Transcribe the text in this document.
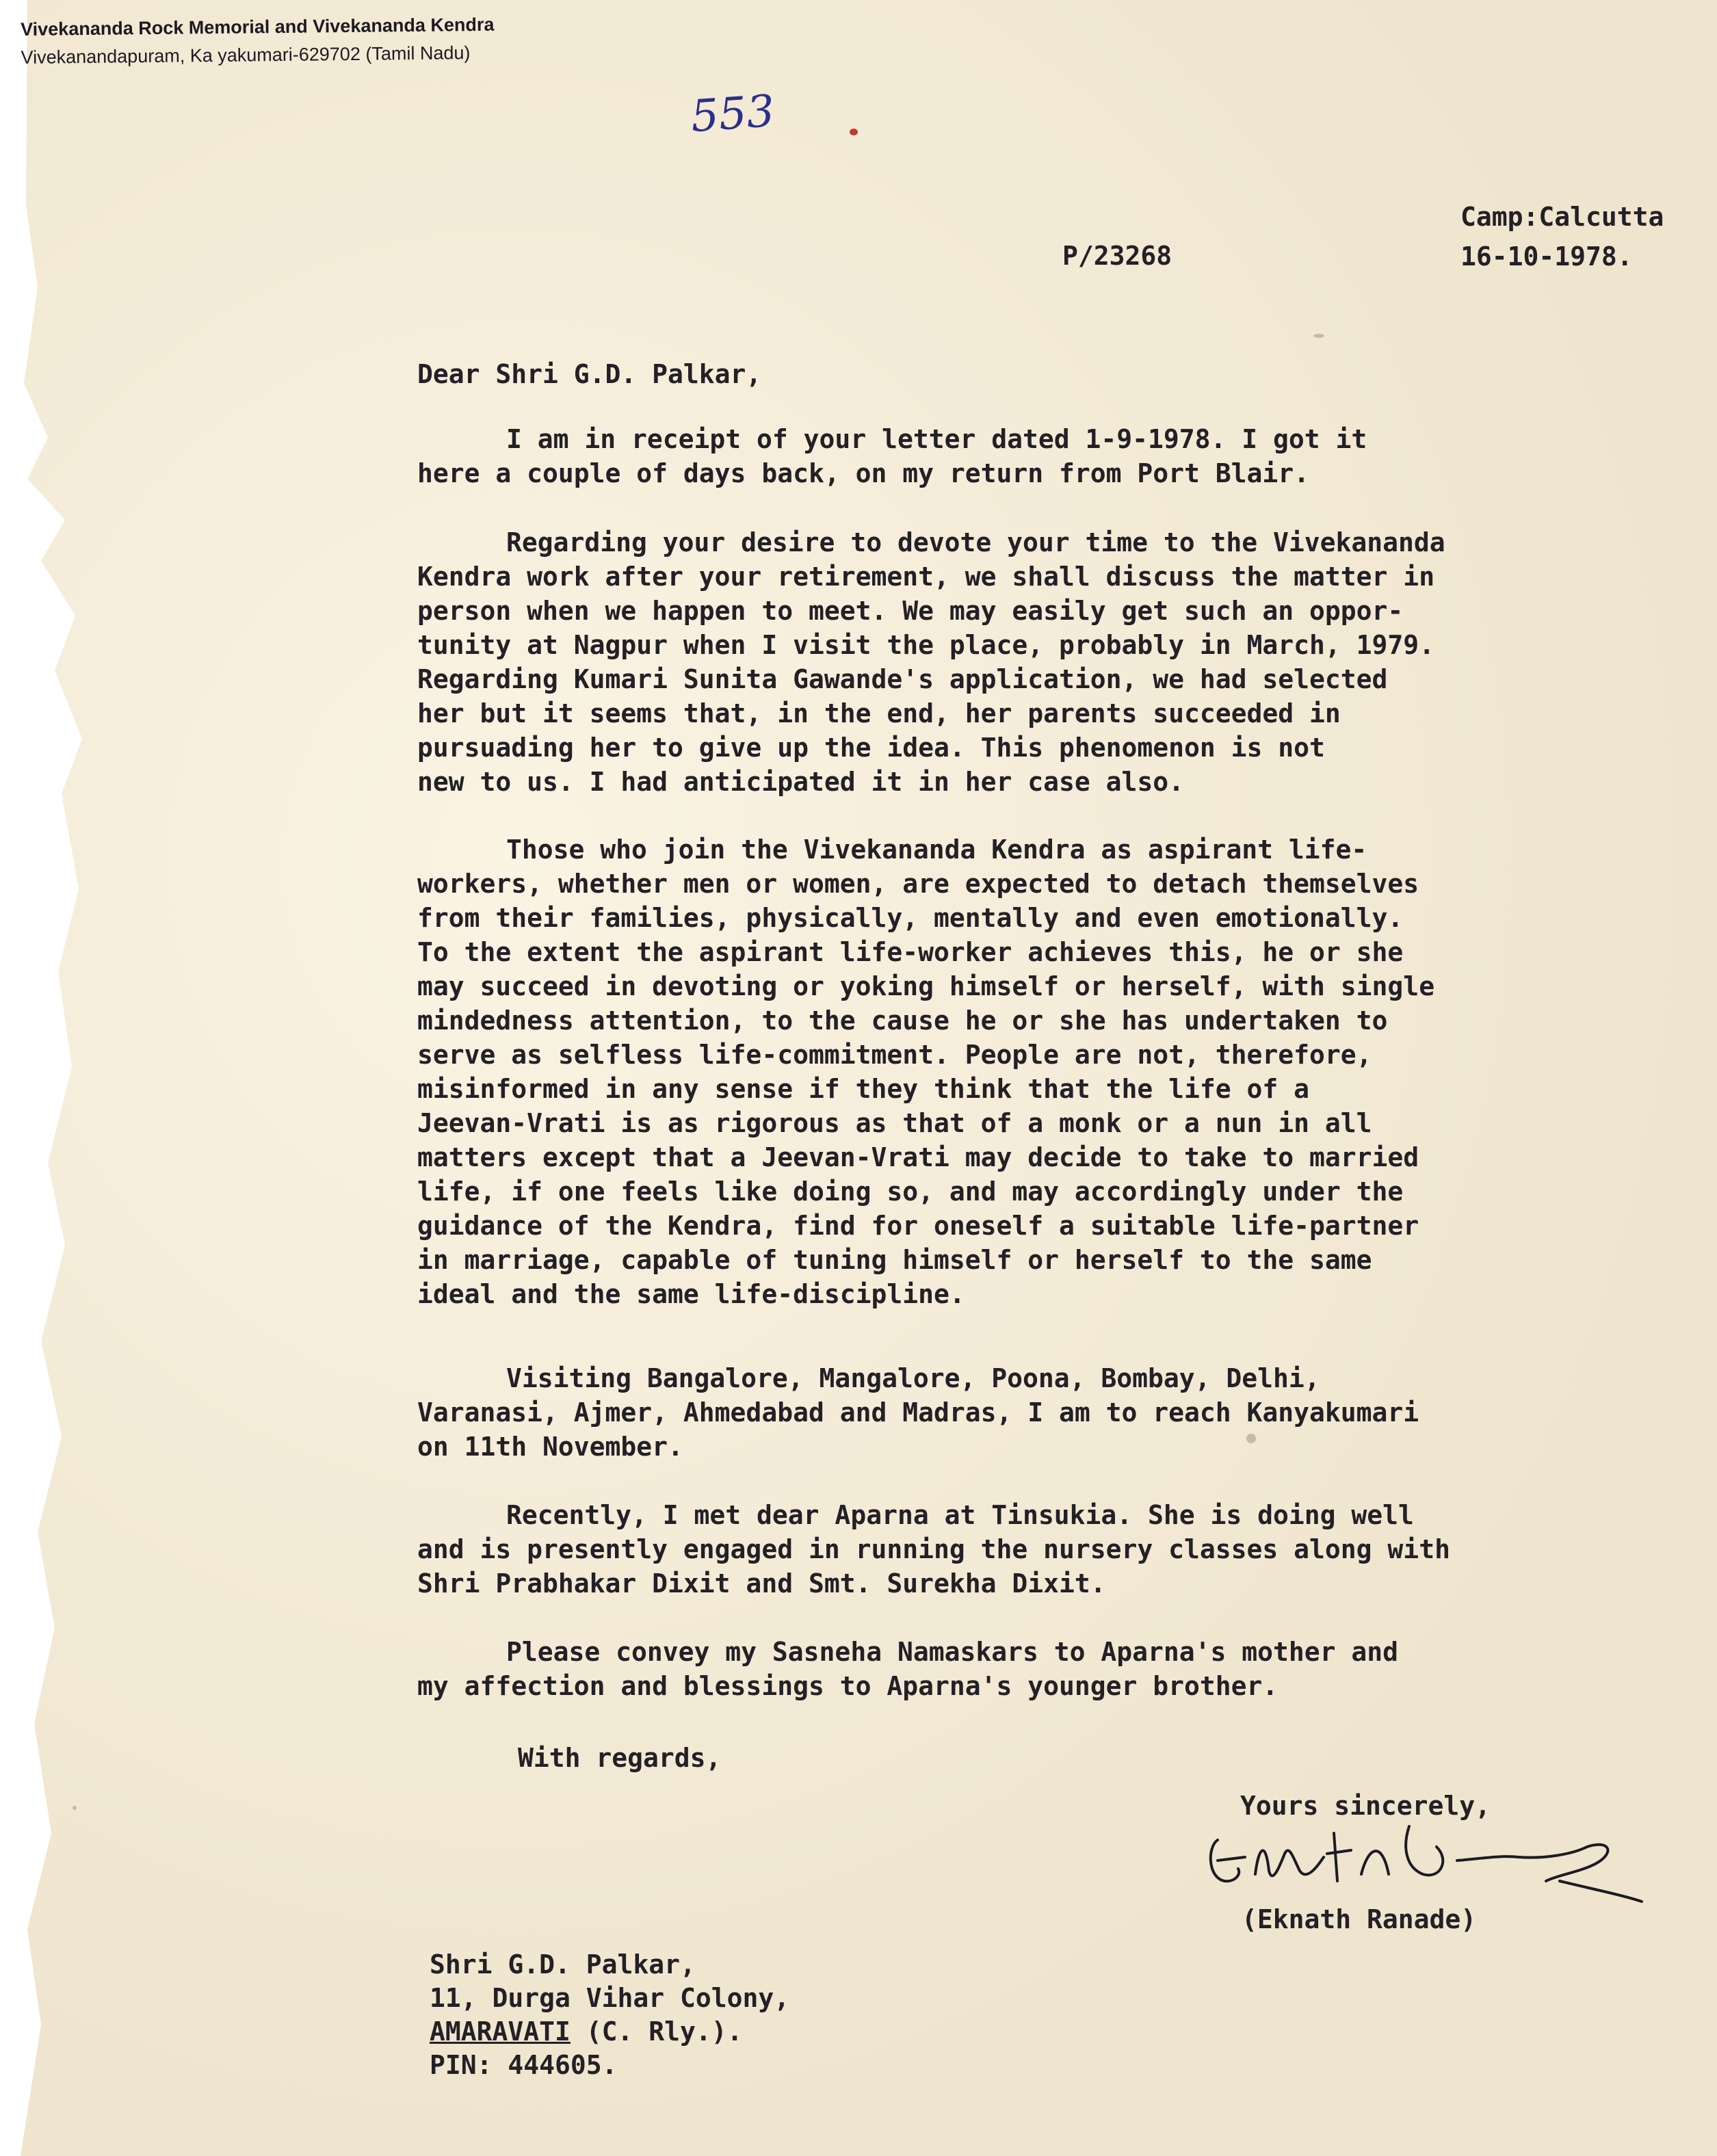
Vivekananda Rock Memorial and Vivekananda Kendra
Vivekanandapuram, Ka yakumari-629702 (Tamil Nadu)
553
P/23268
Camp:Calcutta
16-10-1978.
Dear Shri G.D. Palkar,

I am in receipt of your letter dated 1-9-1978. I got it
here a couple of days back, on my return from Port Blair.

Regarding your desire to devote your time to the Vivekananda
Kendra work after your retirement, we shall discuss the matter in
person when we happen to meet. We may easily get such an oppor-
tunity at Nagpur when I visit the place, probably in March, 1979.
Regarding Kumari Sunita Gawande's application, we had selected
her but it seems that, in the end, her parents succeeded in
pursuading her to give up the idea. This phenomenon is not
new to us. I had anticipated it in her case also.

Those who join the Vivekananda Kendra as aspirant life-
workers, whether men or women, are expected to detach themselves
from their families, physically, mentally and even emotionally.
To the extent the aspirant life-worker achieves this, he or she
may succeed in devoting or yoking himself or herself, with single
mindedness attention, to the cause he or she has undertaken to
serve as selfless life-commitment. People are not, therefore,
misinformed in any sense if they think that the life of a
Jeevan-Vrati is as rigorous as that of a monk or a nun in all
matters except that a Jeevan-Vrati may decide to take to married
life, if one feels like doing so, and may accordingly under the
guidance of the Kendra, find for oneself a suitable life-partner
in marriage, capable of tuning himself or herself to the same
ideal and the same life-discipline.

Visiting Bangalore, Mangalore, Poona, Bombay, Delhi,
Varanasi, Ajmer, Ahmedabad and Madras, I am to reach Kanyakumari
on 11th November.

Recently, I met dear Aparna at Tinsukia. She is doing well
and is presently engaged in running the nursery classes along with
Shri Prabhakar Dixit and Smt. Surekha Dixit.

Please convey my Sasneha Namaskars to Aparna's mother and
my affection and blessings to Aparna's younger brother.

With regards,
Yours sincerely,
(Eknath Ranade)
Shri G.D. Palkar,
11, Durga Vihar Colony,
AMARAVATI (C. Rly.).
PIN: 444605.
